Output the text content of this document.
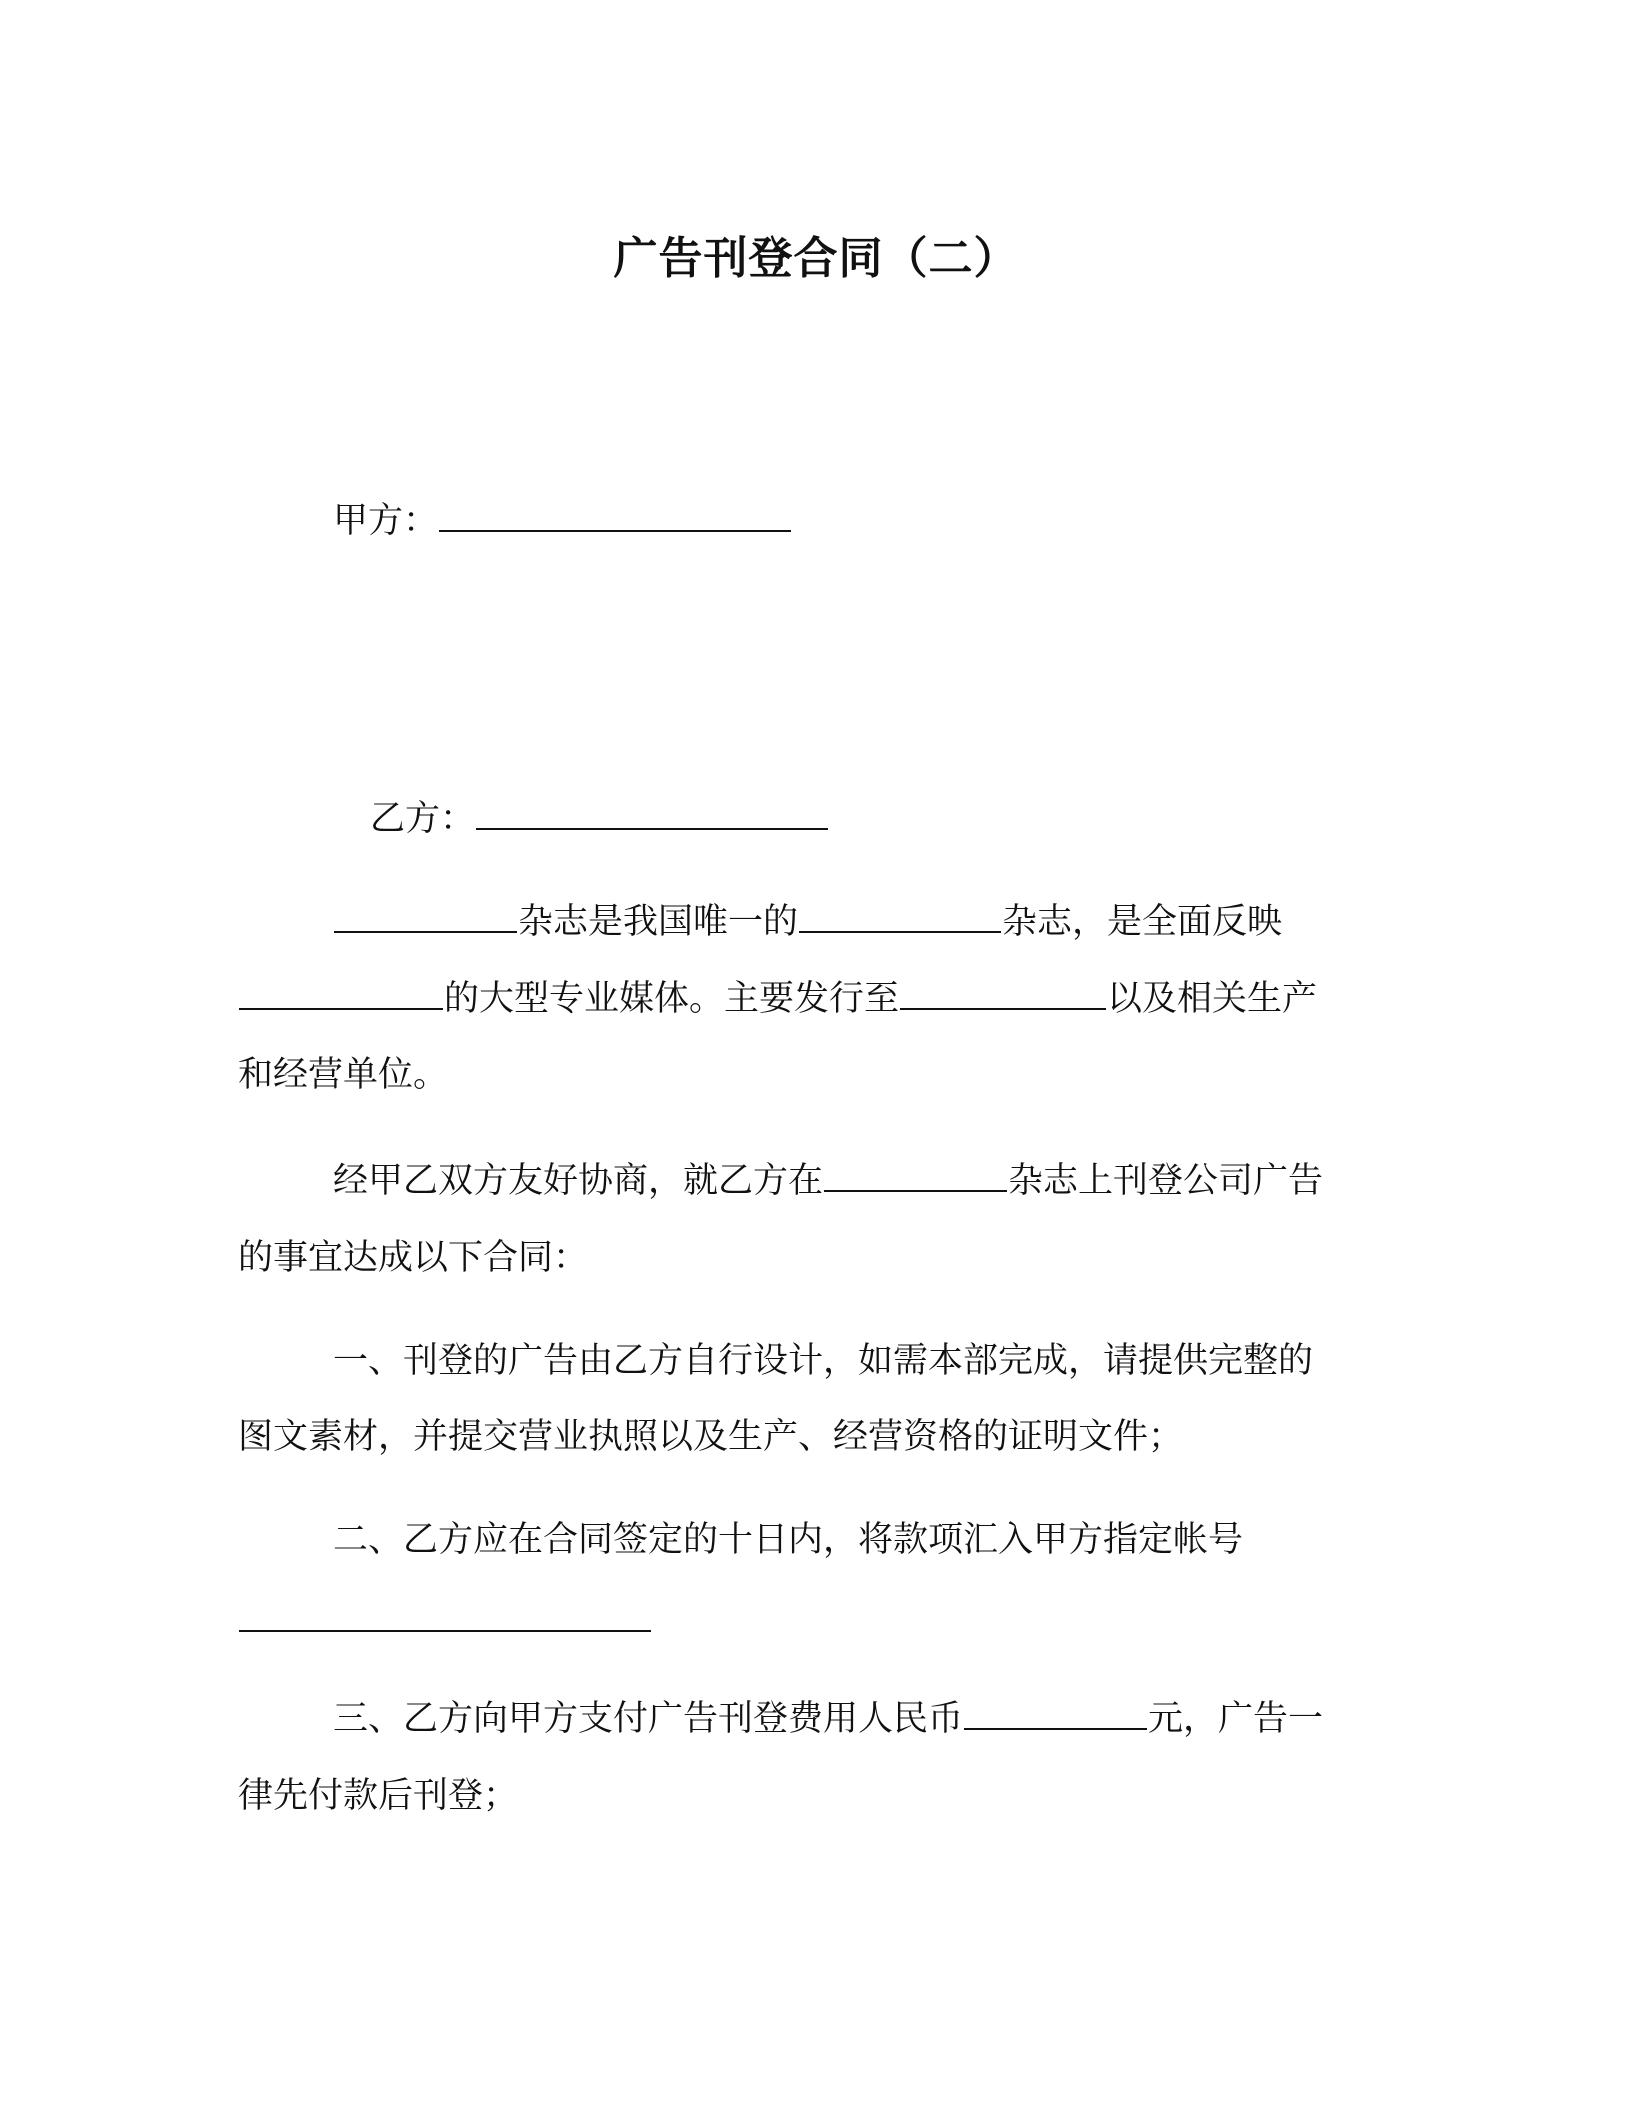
广告刊登合同（二）
甲方：
乙方：
杂志是我国唯一的	杂志，是全面反映
的大型专业媒体。主要发行至	以及相关生产
和经营单位。
经甲乙双方友好协商，就乙方在	杂志上刊登公司广告
的事宜达成以下合同：
一、刊登的广告由乙方自行设计，如需本部完成，请提供完整的
图文素材，并提交营业执照以及生产、经营资格的证明文件；
二、乙方应在合同签定的十日内，将款项汇入甲方指定帐号
三、乙方向甲方支付广告刊登费用人民币	元，广告一
律先付款后刊登；
